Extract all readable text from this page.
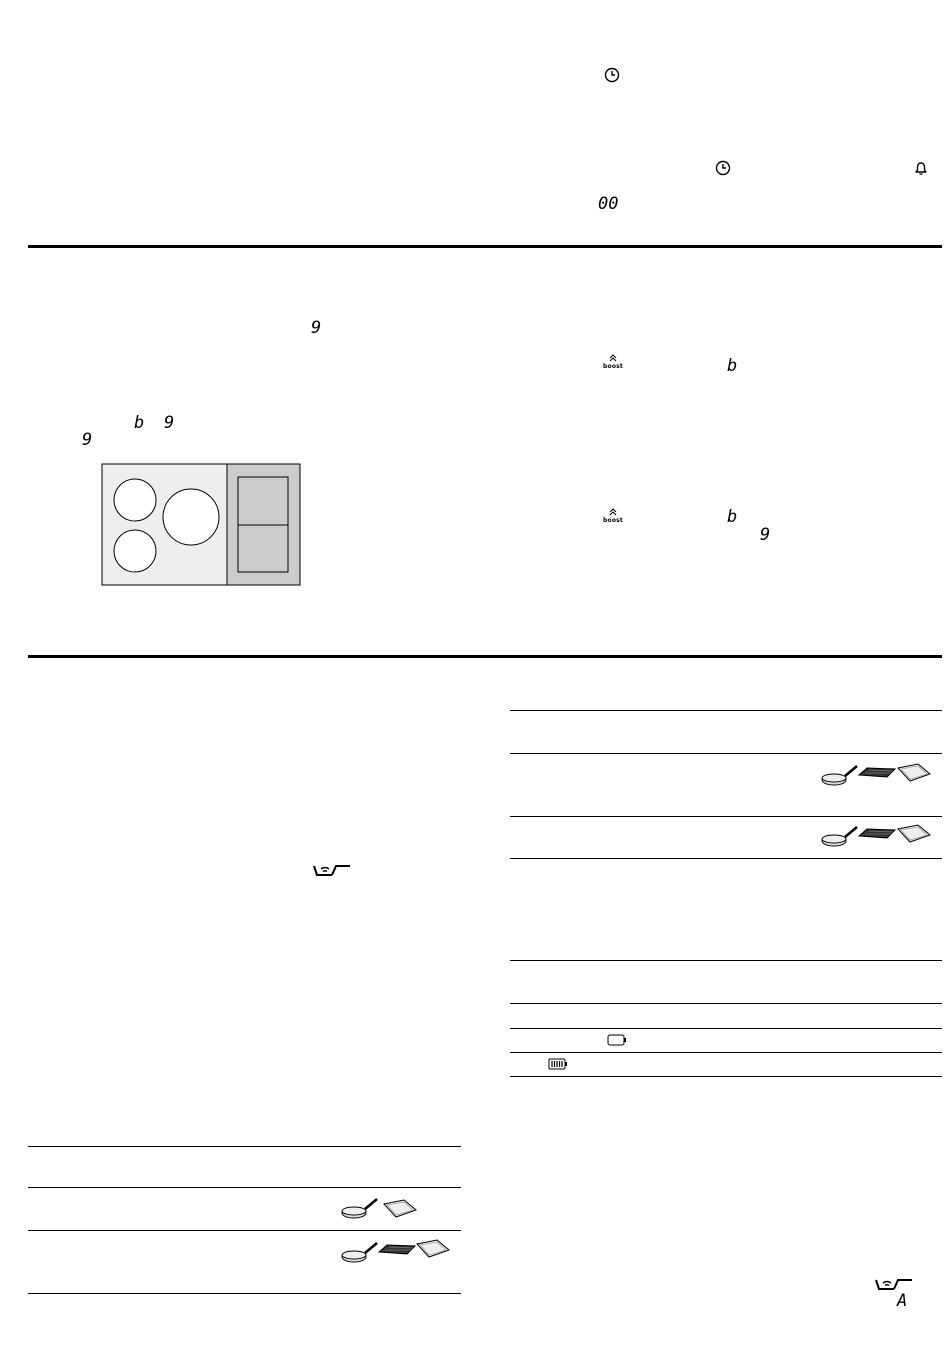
00
9
b 9
9
boost	b
boost	b
9
A
